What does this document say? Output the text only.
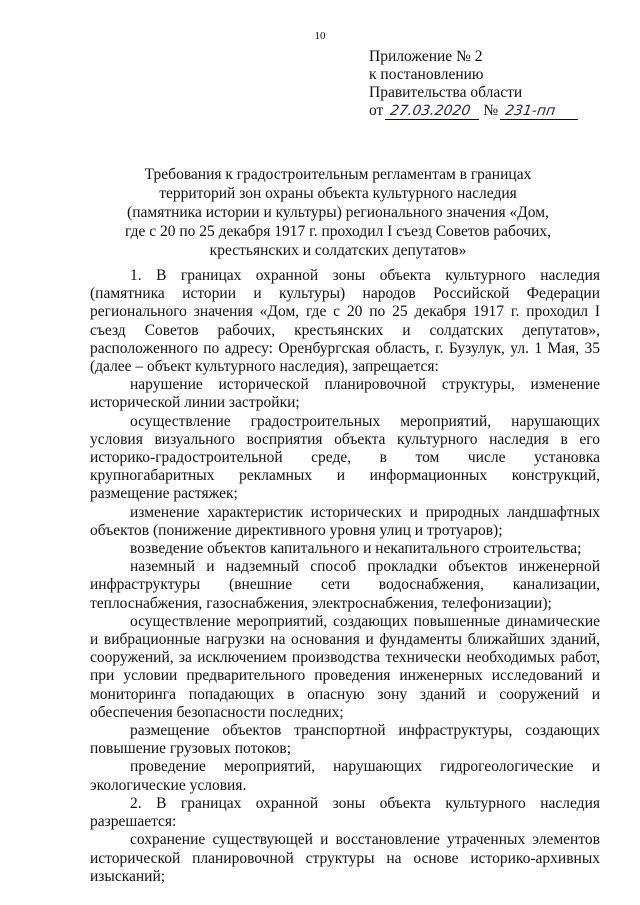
10
Приложение № 2
к постановлению
Правительства области
от 27.03.2020 № 231-пп
Требования к градостроительным регламентам в границах
территорий зон охраны объекта культурного наследия
(памятника истории и культуры) регионального значения «Дом,
где с 20 по 25 декабря 1917 г. проходил I съезд Советов рабочих,
крестьянских и солдатских депутатов»

1. В границах охранной зоны объекта культурного наследия (памятника истории и культуры) народов Российской Федерации регионального значения «Дом, где с 20 по 25 декабря 1917 г. проходил I съезд Советов рабочих, крестьянских и солдатских депутатов», расположенного по адресу: Оренбургская область, г. Бузулук, ул. 1 Мая, 35 (далее – объект культурного наследия), запрещается:

нарушение исторической планировочной структуры, изменение исторической линии застройки;

осуществление градостроительных мероприятий, нарушающих условия визуального восприятия объекта культурного наследия в его историко-градостроительной среде, в том числе установка крупногабаритных рекламных и информационных конструкций, размещение растяжек;

изменение характеристик исторических и природных ландшафтных объектов (понижение директивного уровня улиц и тротуаров);

возведение объектов капитального и некапитального строительства;

наземный и надземный способ прокладки объектов инженерной инфраструктуры (внешние сети водоснабжения, канализации, теплоснабжения, газоснабжения, электроснабжения, телефонизации);

осуществление мероприятий, создающих повышенные динамические и вибрационные нагрузки на основания и фундаменты ближайших зданий, сооружений, за исключением производства технически необходимых работ, при условии предварительного проведения инженерных исследований и мониторинга попадающих в опасную зону зданий и сооружений и обеспечения безопасности последних;

размещение объектов транспортной инфраструктуры, создающих повышение грузовых потоков;

проведение мероприятий, нарушающих гидрогеологические и экологические условия.

2. В границах охранной зоны объекта культурного наследия разрешается:

сохранение существующей и восстановление утраченных элементов исторической планировочной структуры на основе историко-архивных изысканий;
